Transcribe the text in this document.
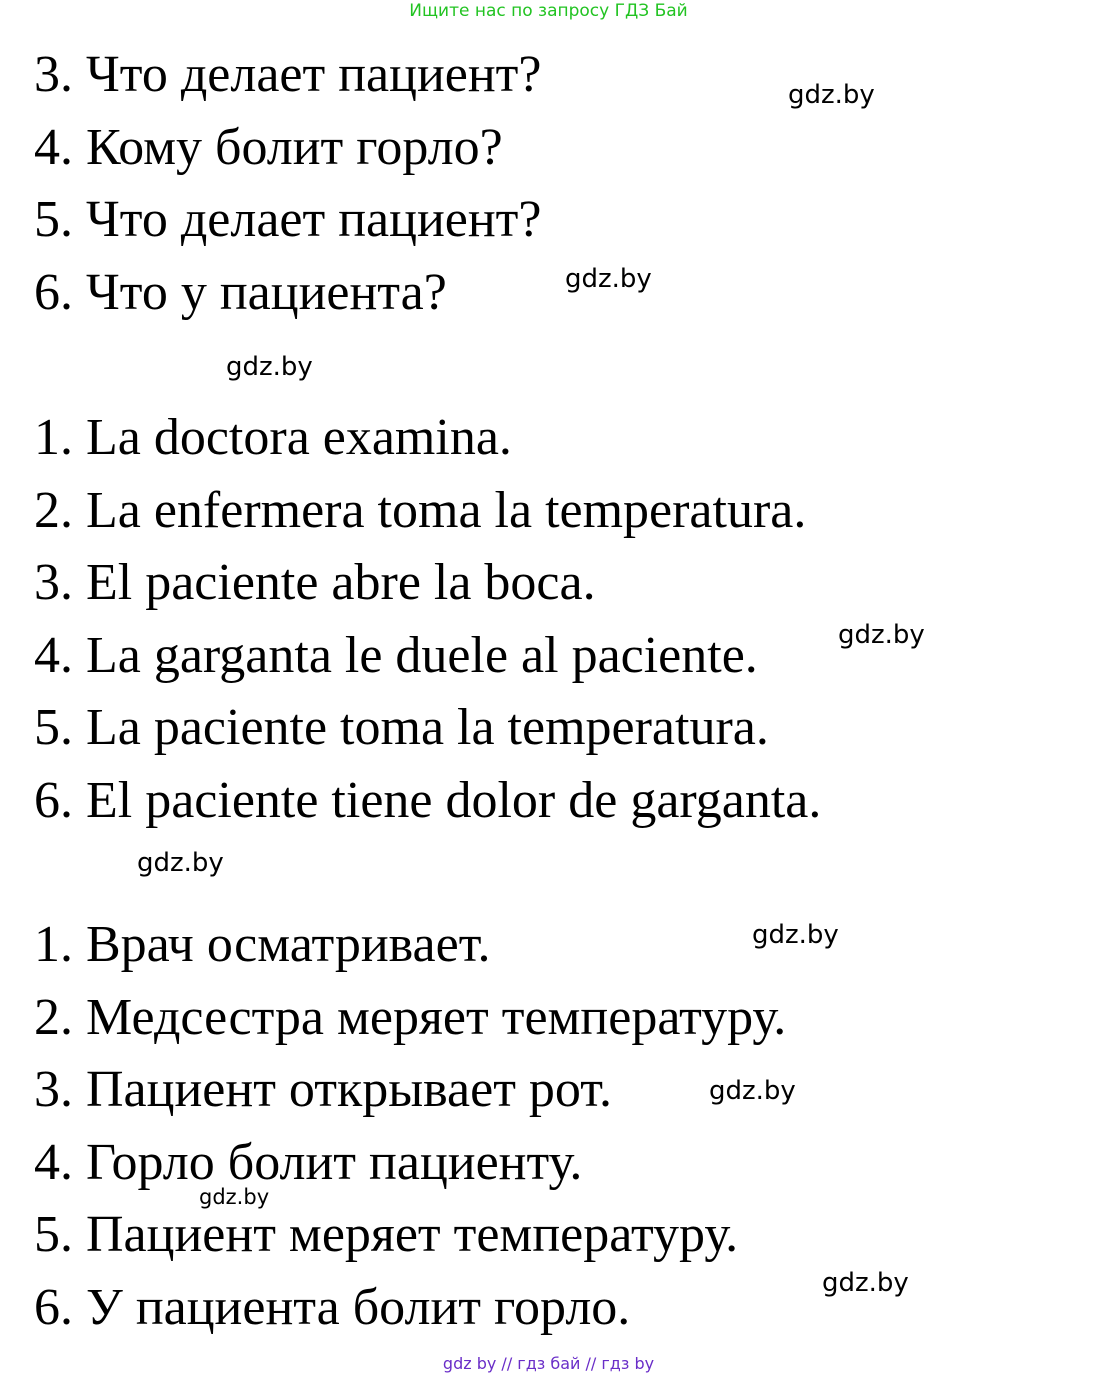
Ищите нас по запросу ГДЗ Бай
3. Что делает пациент?
4. Кому болит горло?
5. Что делает пациент?
6. Что у пациента?
1. La doctora examina.
2. La enfermera toma la temperatura.
3. El paciente abre la boca.
4. La garganta le duele al paciente.
5. La paciente toma la temperatura.
6. El paciente tiene dolor de garganta.
1. Врач осматривает.
2. Медсестра меряет температуру.
3. Пациент открывает рот.
4. Горло болит пациенту.
5. Пациент меряет температуру.
6. У пациента болит горло.
gdz.by
gdz.by
gdz.by
gdz.by
gdz.by
gdz.by
gdz.by
gdz.by
gdz.by
gdz by // гдз бай // гдз by
